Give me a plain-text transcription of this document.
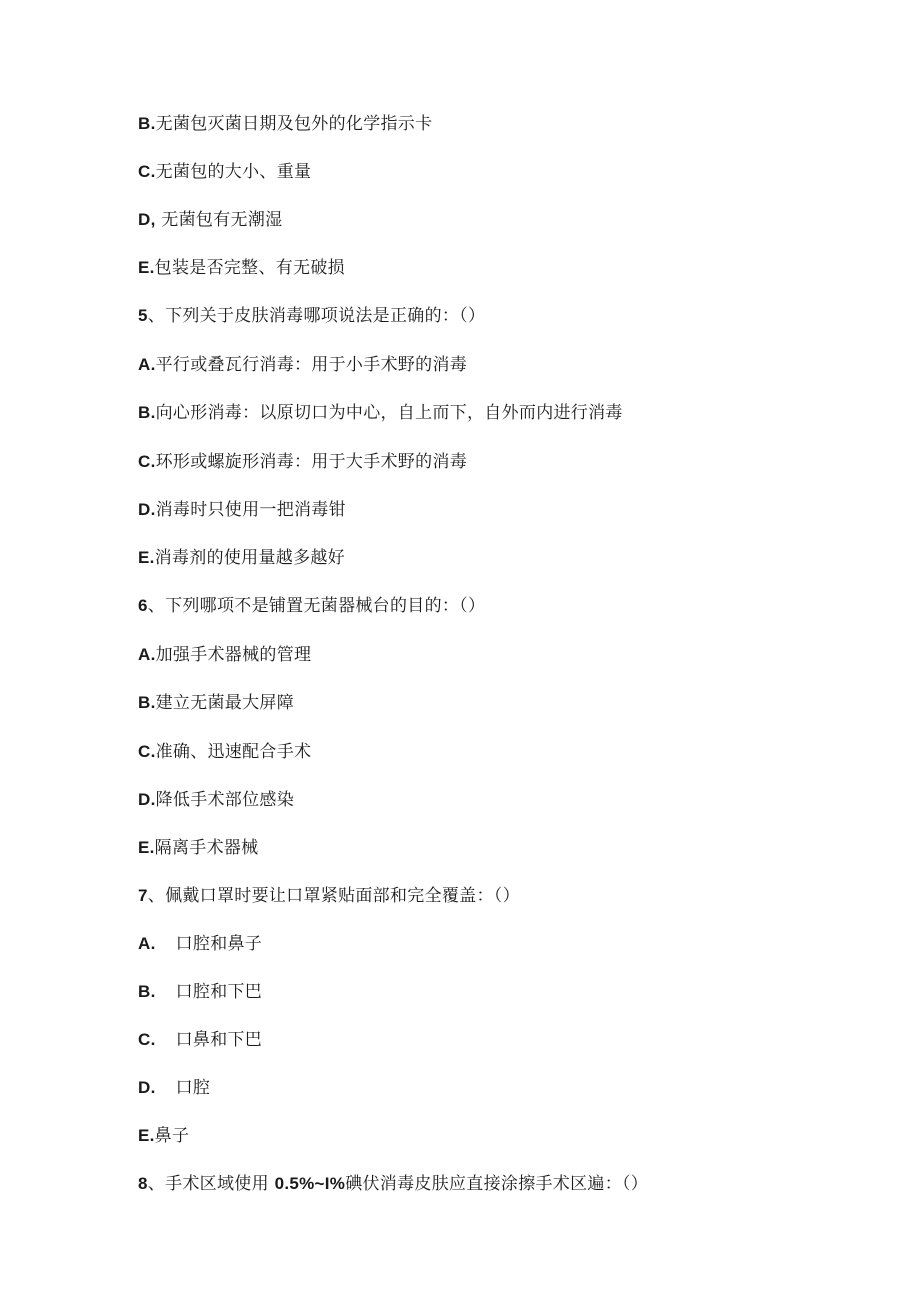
B.无菌包灭菌日期及包外的化学指示卡
C.无菌包的大小、重量
D, 无菌包有无潮湿
E.包装是否完整、有无破损
5、下列关于皮肤消毒哪项说法是正确的：（）
A.平行或叠瓦行消毒：用于小手术野的消毒
B.向心形消毒：以原切口为中心，自上而下，自外而内进行消毒
C.环形或螺旋形消毒：用于大手术野的消毒
D.消毒时只使用一把消毒钳
E.消毒剂的使用量越多越好
6、下列哪项不是铺置无菌器械台的目的：（）
A.加强手术器械的管理
B.建立无菌最大屏障
C.准确、迅速配合手术
D.降低手术部位感染
E.隔离手术器械
7、佩戴口罩时要让口罩紧贴面部和完全覆盖：（）
A. 口腔和鼻子
B. 口腔和下巴
C. 口鼻和下巴
D. 口腔
E.鼻子
8、手术区域使用 0.5%~I%碘伏消毒皮肤应直接涂擦手术区遍：（）
